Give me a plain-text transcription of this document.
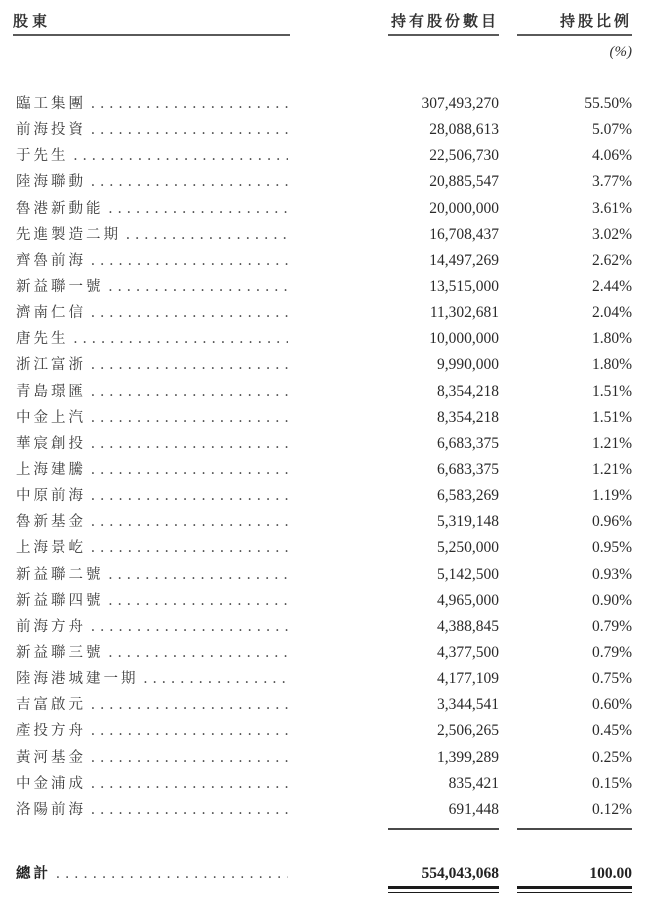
股東	持有股份數目	持股比例
(%)
臨工集團 . . .	307,493,270	55.50%
前海投資 . . .	28,088,613	5.07%
于先生 . . .	22,506,730	4.06%
陸海聯動 . . .	20,885,547	3.77%
魯港新動能 . . .	20,000,000	3.61%
先進製造二期 . . .	16,708,437	3.02%
齊魯前海 . . .	14,497,269	2.62%
新益聯一號 . . .	13,515,000	2.44%
濟南仁信 . . .	11,302,681	2.04%
唐先生 . . .	10,000,000	1.80%
浙江富浙 . . .	9,990,000	1.80%
青島璟匯 . . .	8,354,218	1.51%
中金上汽 . . .	8,354,218	1.51%
華宸創投 . . .	6,683,375	1.21%
上海建騰 . . .	6,683,375	1.21%
中原前海 . . .	6,583,269	1.19%
魯新基金 . . .	5,319,148	0.96%
上海景屹 . . .	5,250,000	0.95%
新益聯二號 . . .	5,142,500	0.93%
新益聯四號 . . .	4,965,000	0.90%
前海方舟 . . .	4,388,845	0.79%
新益聯三號 . . .	4,377,500	0.79%
陸海港城建一期 . . .	4,177,109	0.75%
吉富啟元 . . .	3,344,541	0.60%
產投方舟 . . .	2,506,265	0.45%
黃河基金 . . .	1,399,289	0.25%
中金浦成 . . .	835,421	0.15%
洛陽前海 . . .	691,448	0.12%
總計 . . .	554,043,068	100.00
